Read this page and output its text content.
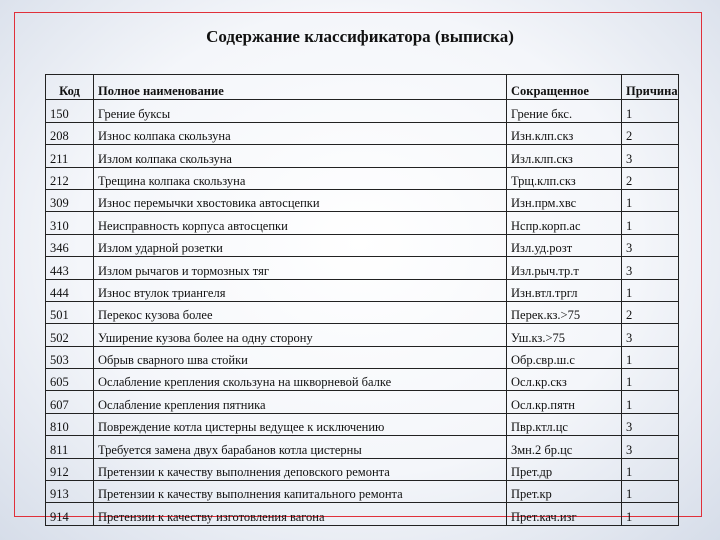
Содержание классификатора (выписка)
Код	Полное наименование	Сокращенное	Причина
150	Грение буксы	Грение бкс.	1
208	Износ колпака скользуна	Изн.клп.скз	2
211	Излом колпака скользуна	Изл.клп.скз	3
212	Трещина колпака скользуна	Трщ.клп.скз	2
309	Износ перемычки хвостовика автосцепки	Изн.прм.хвс	1
310	Неисправность корпуса автосцепки	Нспр.корп.ас	1
346	Излом ударной розетки	Изл.уд.розт	3
443	Излом рычагов и тормозных тяг	Изл.рыч.тр.т	3
444	Износ втулок триангеля	Изн.втл.тргл	1
501	Перекос кузова более	Перек.кз.>75	2
502	Уширение кузова более на одну сторону	Уш.кз.>75	3
503	Обрыв сварного шва стойки	Обр.свр.ш.с	1
605	Ослабление крепления скользуна на шкворневой балке	Осл.кр.скз	1
607	Ослабление крепления пятника	Осл.кр.пятн	1
810	Повреждение котла цистерны ведущее к исключению	Пвр.ктл.цс	3
811	Требуется замена двух барабанов котла цистерны	Змн.2 бр.цс	3
912	Претензии к качеству выполнения деповского ремонта	Прет.др	1
913	Претензии к качеству выполнения капитального ремонта	Прет.кр	1
914	Претензии к качеству изготовления вагона	Прет.кач.изг	1
